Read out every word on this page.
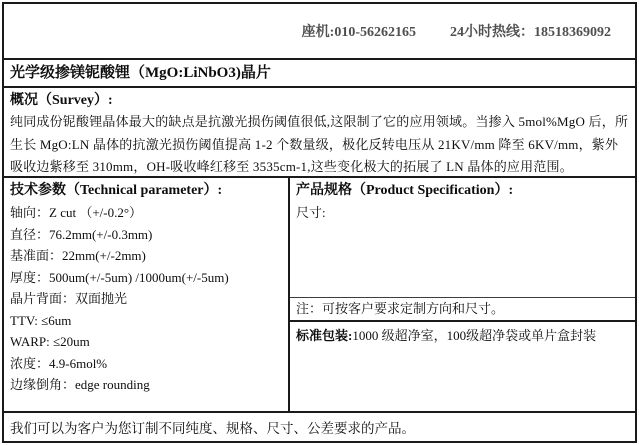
座机:010-56262165 24小时热线：18518369092
光学级掺镁铌酸锂（MgO:LiNbO3)晶片
概况（Survey）:
纯同成份铌酸锂晶体最大的缺点是抗激光损伤阈值很低,这限制了它的应用领域。当掺入 5mol%MgO 后，所生长 MgO:LN 晶体的抗激光损伤阈值提高 1-2 个数量级，极化反转电压从 21KV/mm 降至 6KV/mm，紫外吸收边紫移至 310mm，OH-吸收峰红移至 3535cm-1,这些变化极大的拓展了 LN 晶体的应用范围。
技术参数（Technical parameter）:
轴向：Z cut （+/-0.2°）
直径：76.2mm(+/-0.3mm)
基准面：22mm(+/-2mm)
厚度：500um(+/-5um) /1000um(+/-5um)
晶片背面：双面抛光
TTV: ≤6um
WARP: ≤20um
浓度：4.9-6mol%
边缘倒角：edge rounding
产品规格（Product Specification）:
尺寸:
注：可按客户要求定制方向和尺寸。
标准包装:1000 级超净室，100级超净袋或单片盒封装
我们可以为客户为您订制不同纯度、规格、尺寸、公差要求的产品。
